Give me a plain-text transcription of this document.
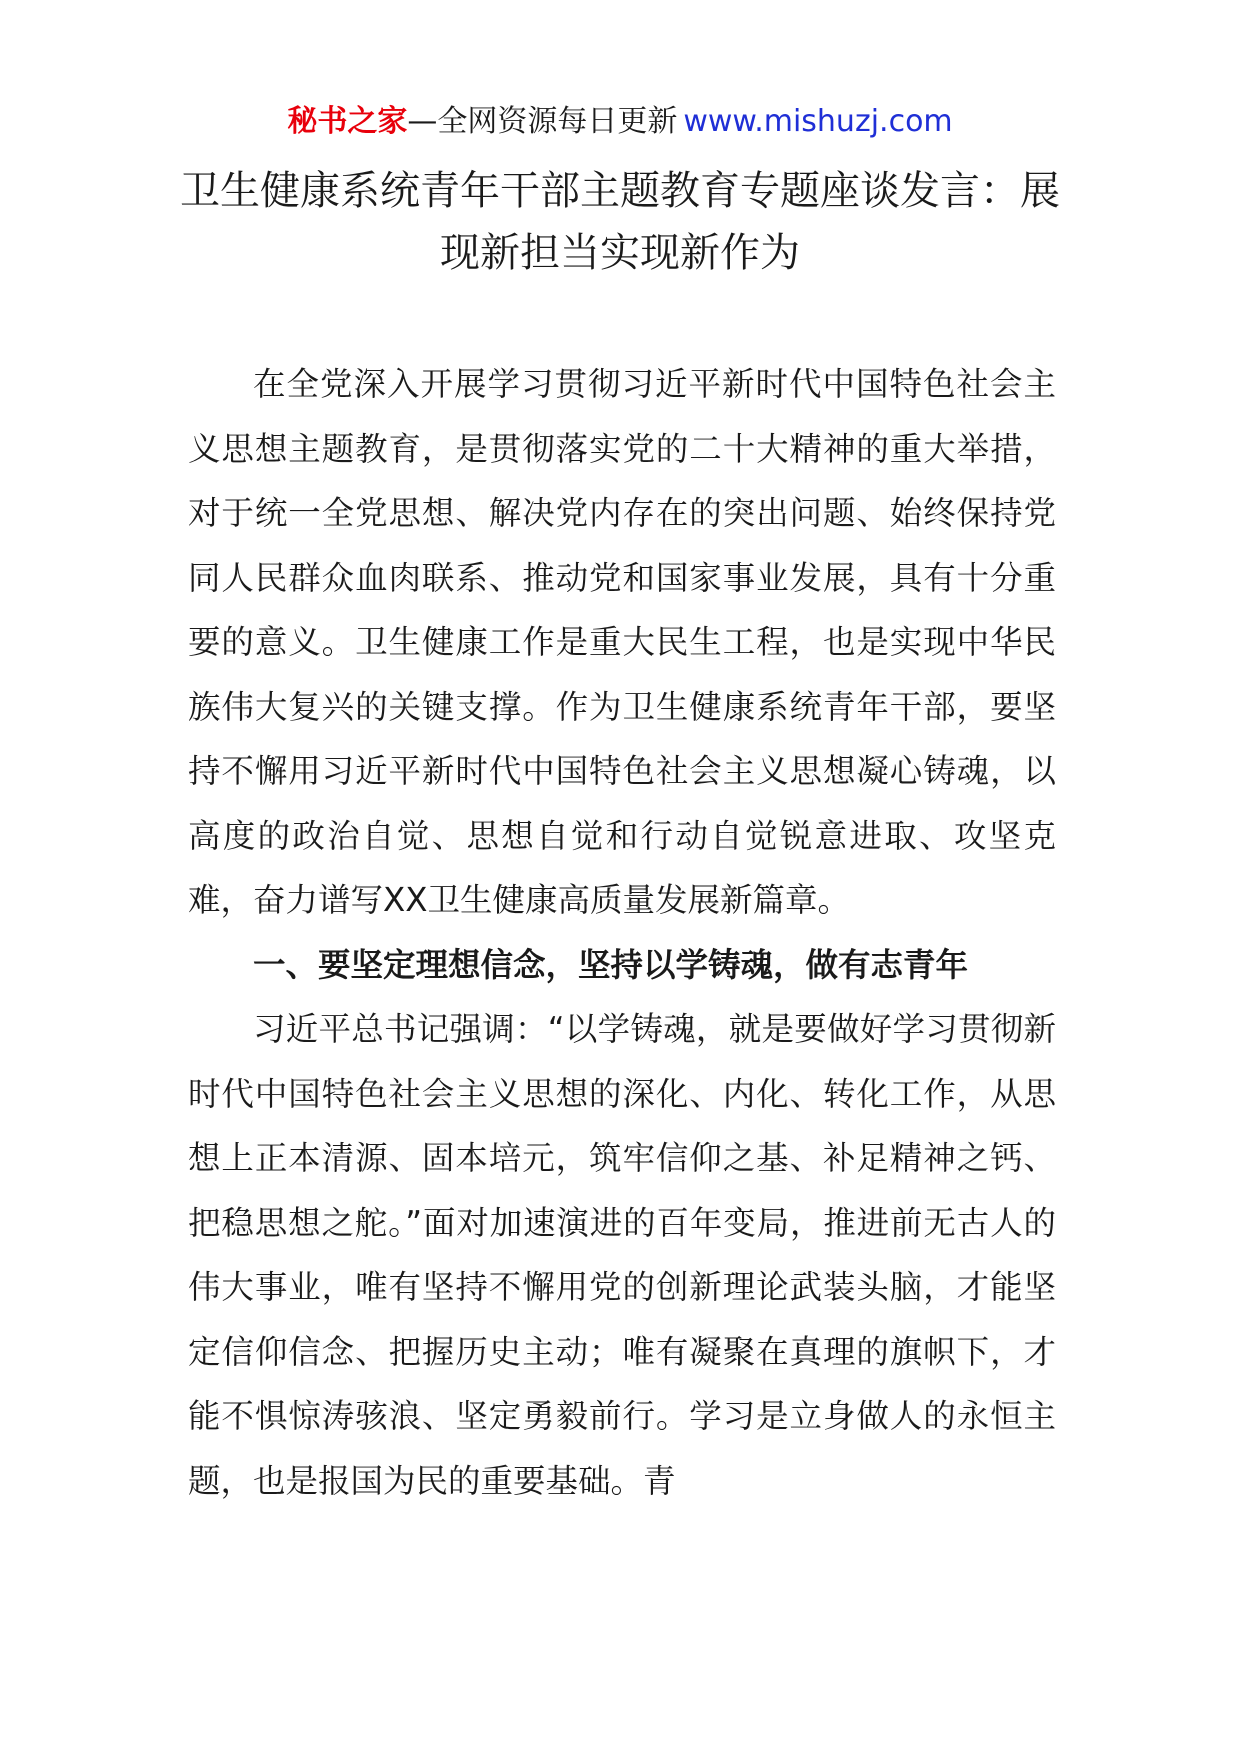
秘书之家—全网资源每日更新 www.mishuzj.com
卫生健康系统青年干部主题教育专题座谈发言：展现新担当实现新作为

在全党深入开展学习贯彻习近平新时代中国特色社会主义思想主题教育，是贯彻落实党的二十大精神的重大举措，对于统一全党思想、解决党内存在的突出问题、始终保持党同人民群众血肉联系、推动党和国家事业发展，具有十分重要的意义。卫生健康工作是重大民生工程，也是实现中华民族伟大复兴的关键支撑。作为卫生健康系统青年干部，要坚持不懈用习近平新时代中国特色社会主义思想凝心铸魂，以高度的政治自觉、思想自觉和行动自觉锐意进取、攻坚克难，奋力谱写XX卫生健康高质量发展新篇章。

一、要坚定理想信念，坚持以学铸魂，做有志青年

习近平总书记强调：“以学铸魂，就是要做好学习贯彻新时代中国特色社会主义思想的深化、内化、转化工作，从思想上正本清源、固本培元，筑牢信仰之基、补足精神之钙、把稳思想之舵。”面对加速演进的百年变局，推进前无古人的伟大事业，唯有坚持不懈用党的创新理论武装头脑，才能坚定信仰信念、把握历史主动；唯有凝聚在真理的旗帜下，才能不惧惊涛骇浪、坚定勇毅前行。学习是立身做人的永恒主题，也是报国为民的重要基础。青
